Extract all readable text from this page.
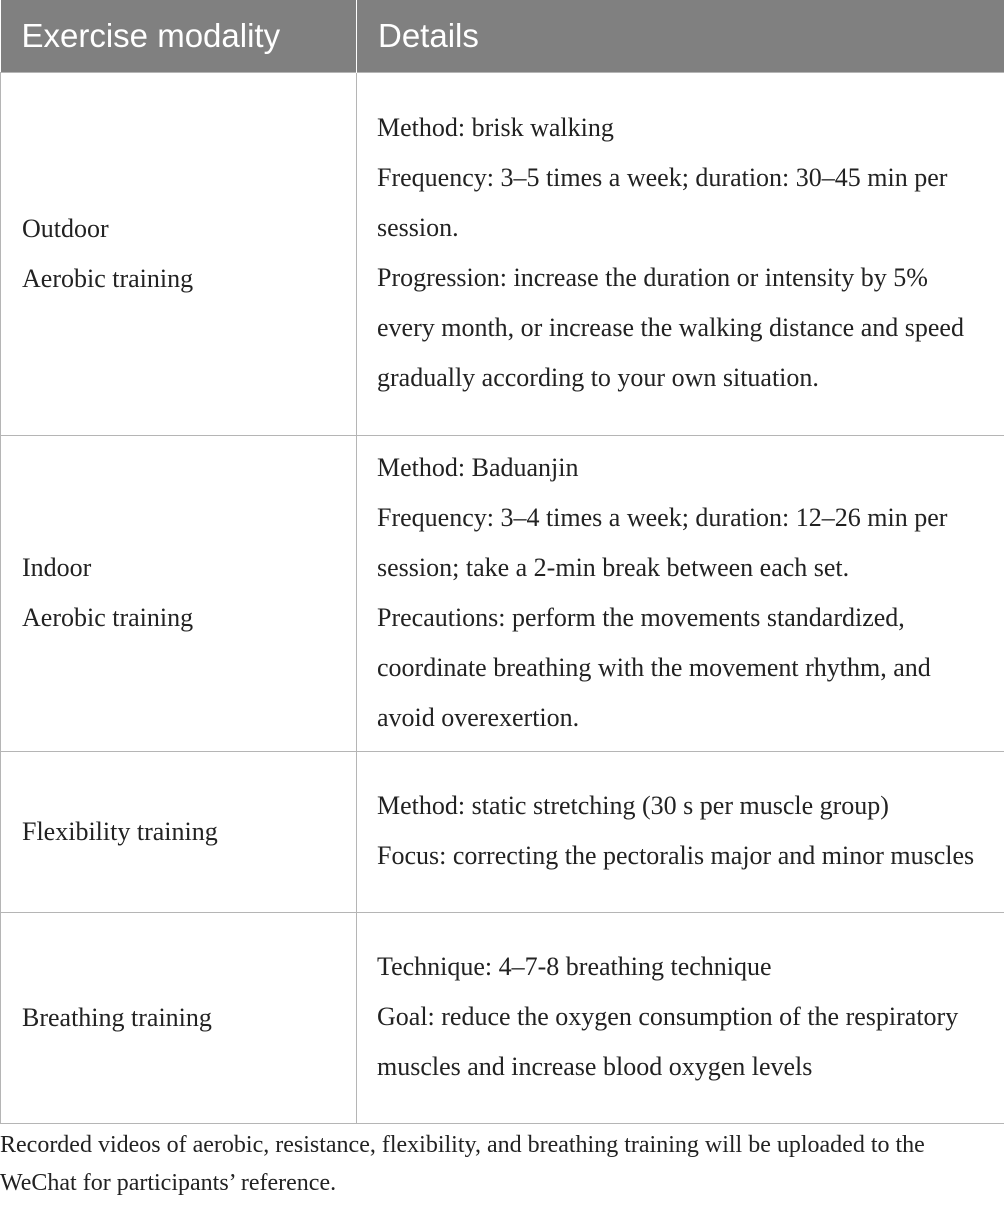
Exercise modality	Details

Outdoor
Aerobic training	Method: brisk walking
Frequency: 3–5 times a week; duration: 30–45 min per session.
Progression: increase the duration or intensity by 5% every month, or increase the walking distance and speed gradually according to your own situation.

Indoor
Aerobic training	Method: Baduanjin
Frequency: 3–4 times a week; duration: 12–26 min per session; take a 2-min break between each set.
Precautions: perform the movements standardized, coordinate breathing with the movement rhythm, and avoid overexertion.

Flexibility training	Method: static stretching (30 s per muscle group)
Focus: correcting the pectoralis major and minor muscles

Breathing training	Technique: 4–7-8 breathing technique
Goal: reduce the oxygen consumption of the respiratory muscles and increase blood oxygen levels
Recorded videos of aerobic, resistance, flexibility, and breathing training will be uploaded to the WeChat for participants’ reference.
